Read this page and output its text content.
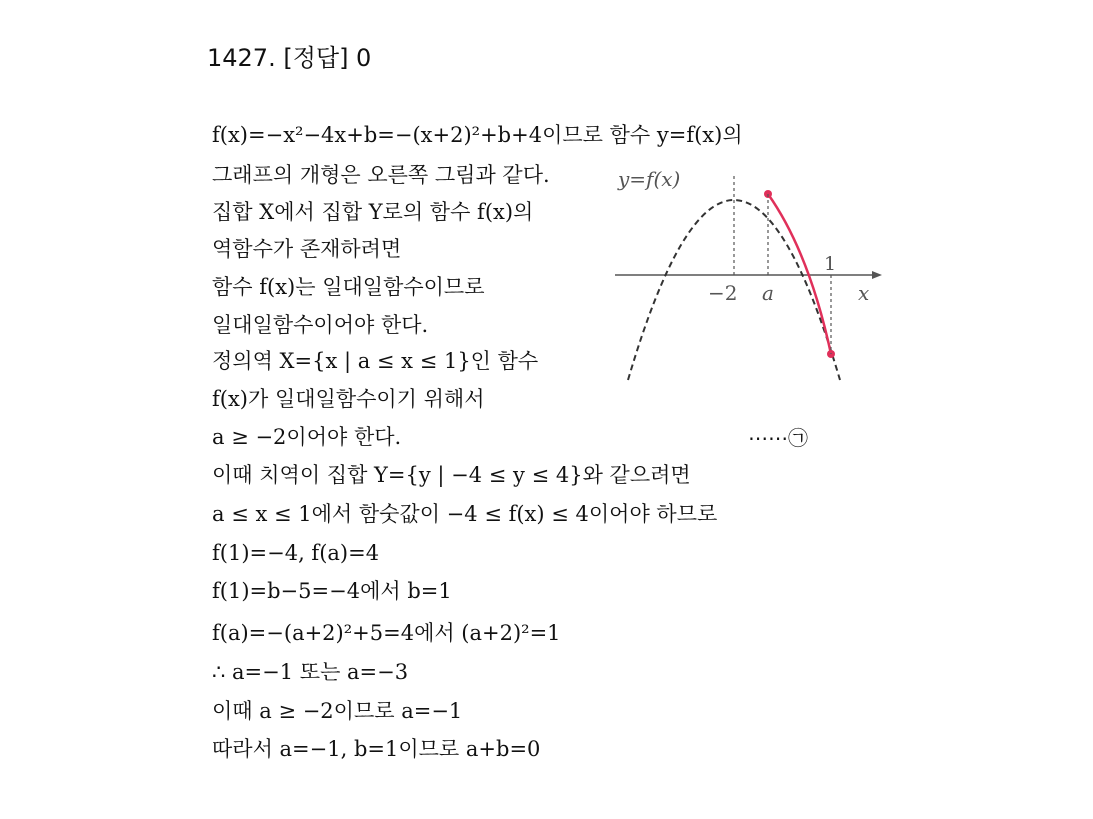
1427. [정답] 0
f(x)=−x²−4x+b=−(x+2)²+b+4이므로 함수 y=f(x)의
그래프의 개형은 오른쪽 그림과 같다.
집합 X에서 집합 Y로의 함수 f(x)의
역함수가 존재하려면
함수 f(x)는 일대일함수이므로
일대일함수이어야 한다.
정의역 X={x | a ≤ x ≤ 1}인 함수
f(x)가 일대일함수이기 위해서
a ≥ −2이어야 한다.	⋯⋯㉠
이때 치역이 집합 Y={y | −4 ≤ y ≤ 4}와 같으려면
a ≤ x ≤ 1에서 함숫값이 −4 ≤ f(x) ≤ 4이어야 하므로
f(1)=−4, f(a)=4
f(1)=b−5=−4에서 b=1
f(a)=−(a+2)²+5=4에서 (a+2)²=1
∴ a=−1 또는 a=−3
이때 a ≥ −2이므로 a=−1
따라서 a=−1, b=1이므로 a+b=0
y=f(x)
−2 a
1
x
